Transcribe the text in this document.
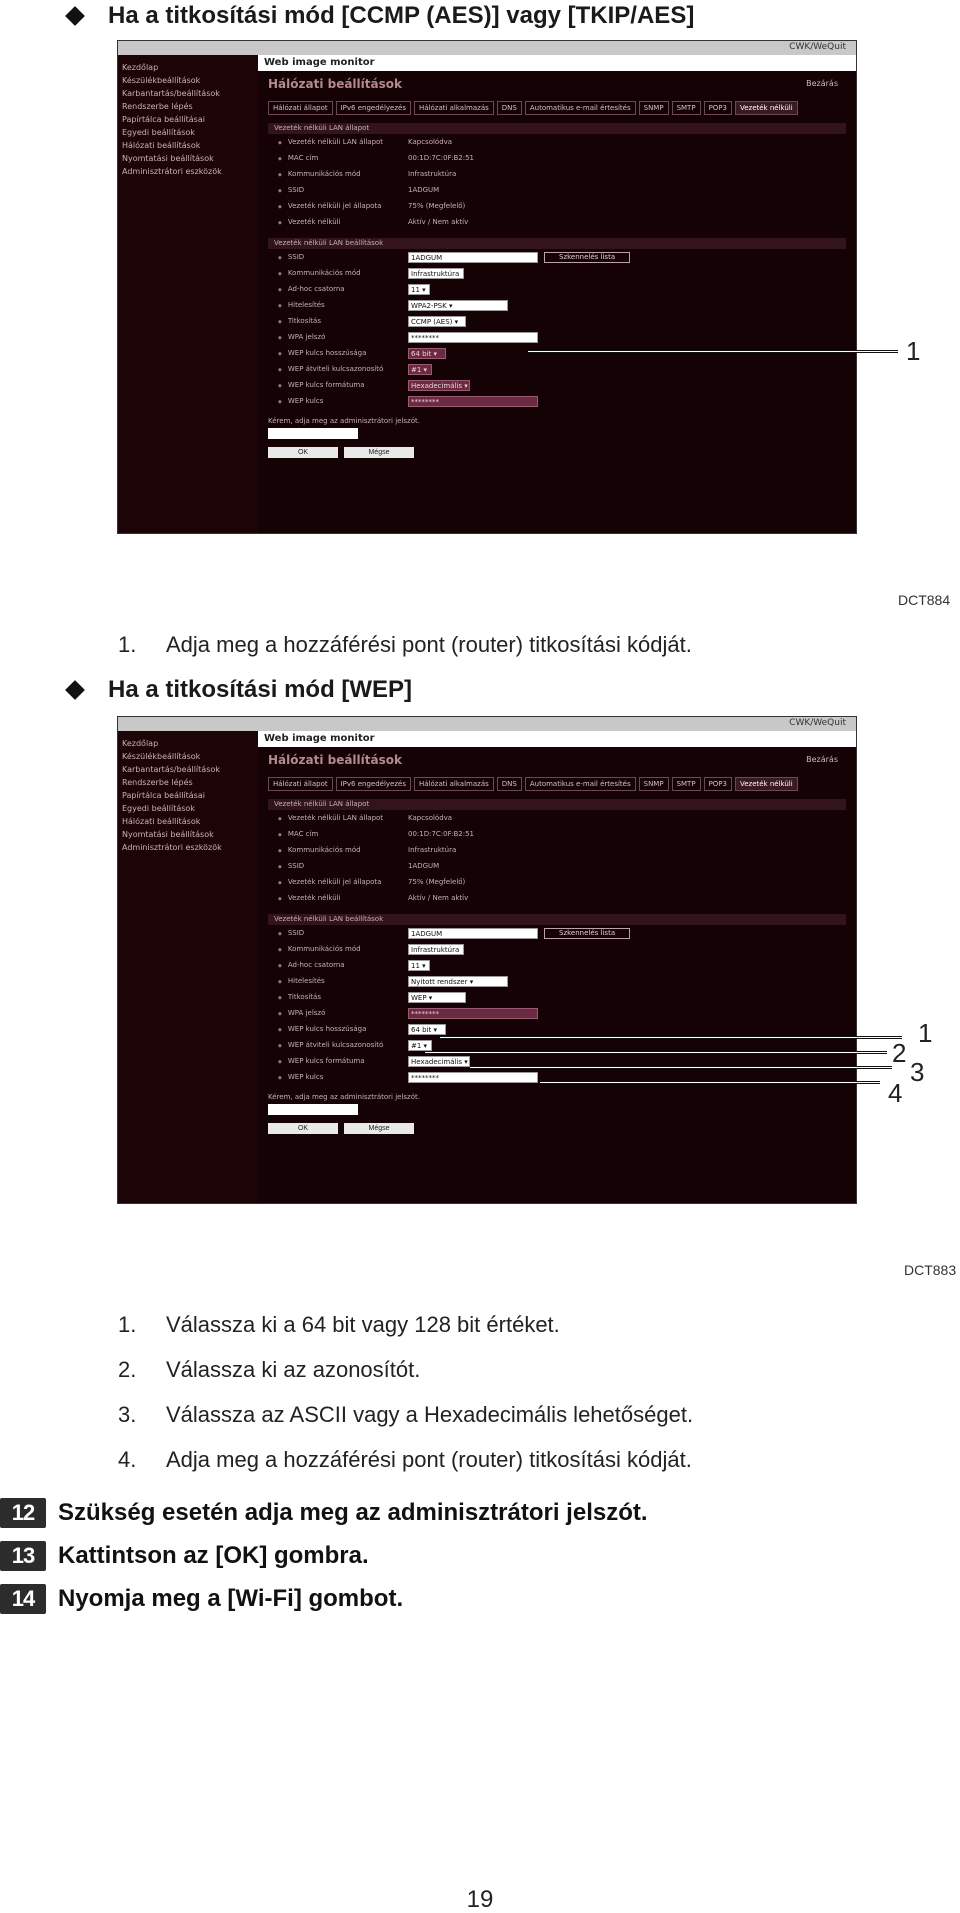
Ha a titkosítási mód [CCMP (AES)] vagy [TKIP/AES]
CWK/WeQuit
Web image monitor
Kezdőlap
Készülékbeállítások
Karbantartás/beállítások
Rendszerbe lépés
Papírtálca beállításai
Egyedi beállítások
Hálózati beállítások
Nyomtatási beállítások
Adminisztrátori eszközök
Hálózati beállítások	Bezárás
Hálózati állapot	IPv6 engedélyezés	Hálózati alkalmazás	DNS	Automatikus e-mail értesítés	SNMP	SMTP	POP3	Vezeték nélküli
Vezeték nélküli LAN állapot
◆ Vezeték nélküli LAN állapot	Kapcsolódva
◆ MAC cím	00:1D:7C:0F:B2:51
◆ Kommunikációs mód	Infrastruktúra
◆ SSID	1ADGUM
◆ Vezeték nélküli jel állapota	75% (Megfelelő)
◆ Vezeték nélküli	Aktív / Nem aktív
Vezeték nélküli LAN beállítások
◆ SSID	1ADGUM	Szkennelés lista
◆ Kommunikációs mód	Infrastruktúra ▾
◆ Ad-hoc csatorna	11 ▾
◆ Hitelesítés	WPA2-PSK ▾
◆ Titkosítás	CCMP (AES) ▾
◆ WPA jelszó	********
◆ WEP kulcs hosszúsága	64 bit ▾
◆ WEP átviteli kulcsazonosító	#1 ▾
◆ WEP kulcs formátuma	Hexadecimális ▾
◆ WEP kulcs	********
Kérem, adja meg az adminisztrátori jelszót.
OK	Mégse
1
DCT884
1. Adja meg a hozzáférési pont (router) titkosítási kódját.
Ha a titkosítási mód [WEP]
CWK/WeQuit
Web image monitor
Kezdőlap
Készülékbeállítások
Karbantartás/beállítások
Rendszerbe lépés
Papírtálca beállításai
Egyedi beállítások
Hálózati beállítások
Nyomtatási beállítások
Adminisztrátori eszközök
Hálózati beállítások	Bezárás
Hálózati állapot	IPv6 engedélyezés	Hálózati alkalmazás	DNS	Automatikus e-mail értesítés	SNMP	SMTP	POP3	Vezeték nélküli
Vezeték nélküli LAN állapot
◆ Vezeték nélküli LAN állapot	Kapcsolódva
◆ MAC cím	00:1D:7C:0F:B2:51
◆ Kommunikációs mód	Infrastruktúra
◆ SSID	1ADGUM
◆ Vezeték nélküli jel állapota	75% (Megfelelő)
◆ Vezeték nélküli	Aktív / Nem aktív
Vezeték nélküli LAN beállítások
◆ SSID	1ADGUM	Szkennelés lista
◆ Kommunikációs mód	Infrastruktúra ▾
◆ Ad-hoc csatorna	11 ▾
◆ Hitelesítés	Nyitott rendszer ▾
◆ Titkosítás	WEP ▾
◆ WPA jelszó	********
◆ WEP kulcs hosszúsága	64 bit ▾
◆ WEP átviteli kulcsazonosító	#1 ▾
◆ WEP kulcs formátuma	Hexadecimális ▾
◆ WEP kulcs	********
Kérem, adja meg az adminisztrátori jelszót.
OK	Mégse
1
2
3
4
DCT883
1. Válassza ki a 64 bit vagy 128 bit értéket.
2. Válassza ki az azonosítót.
3. Válassza az ASCII vagy a Hexadecimális lehetőséget.
4. Adja meg a hozzáférési pont (router) titkosítási kódját.
12 Szükség esetén adja meg az adminisztrátori jelszót.
13 Kattintson az [OK] gombra.
14 Nyomja meg a [Wi-Fi] gombot.
19
